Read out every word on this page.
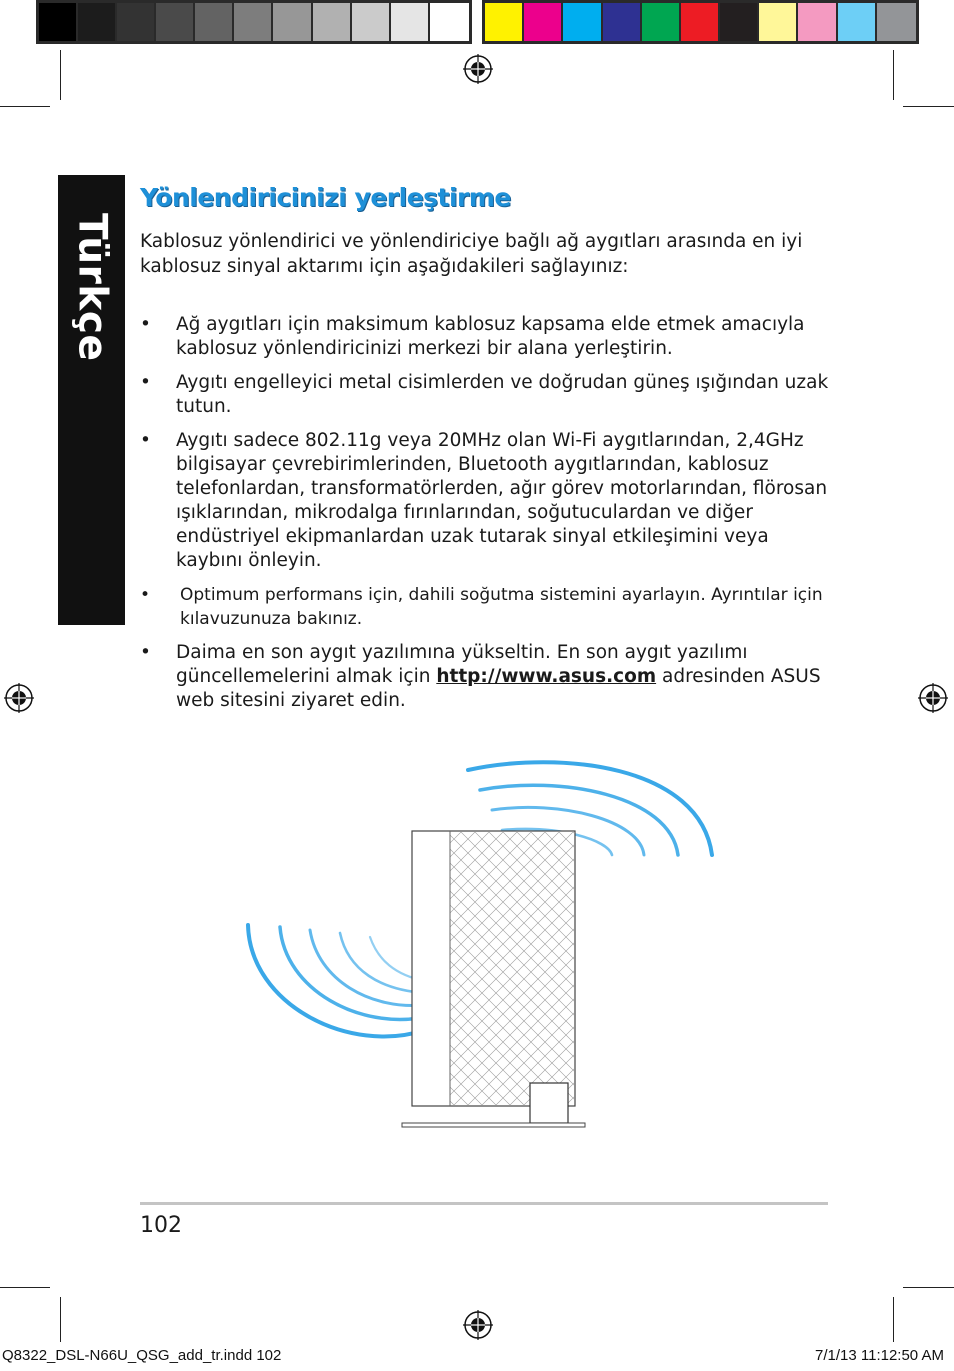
Türkçe
Yönlendiricinizi yerleştirme

Kablosuz yönlendirici ve yönlendiriciye bağlı ağ aygıtları arasında en iyi kablosuz sinyal aktarımı için aşağıdakileri sağlayınız:

• Ağ aygıtları için maksimum kablosuz kapsama elde etmek amacıyla kablosuz yönlendiricinizi merkezi bir alana yerleştirin.
• Aygıtı engelleyici metal cisimlerden ve doğrudan güneş ışığından uzak tutun.
• Aygıtı sadece 802.11g veya 20MHz olan Wi-Fi aygıtlarından, 2,4GHz bilgisayar çevrebirimlerinden, Bluetooth aygıtlarından, kablosuz telefonlardan, transformatörlerden, ağır görev motorlarından, flörosan ışıklarından, mikrodalga fırınlarından, soğutuculardan ve diğer endüstriyel ekipmanlardan uzak tutarak sinyal etkileşimini veya kaybını önleyin.
• Optimum performans için, dahili soğutma sistemini ayarlayın. Ayrıntılar için kılavuzunuza bakınız.
• Daima en son aygıt yazılımına yükseltin. En son aygıt yazılımı güncellemelerini almak için http://www.asus.com adresinden ASUS web sitesini ziyaret edin.
102
Q8322_DSL-N66U_QSG_add_tr.indd 102	7/1/13 11:12:50 AM
